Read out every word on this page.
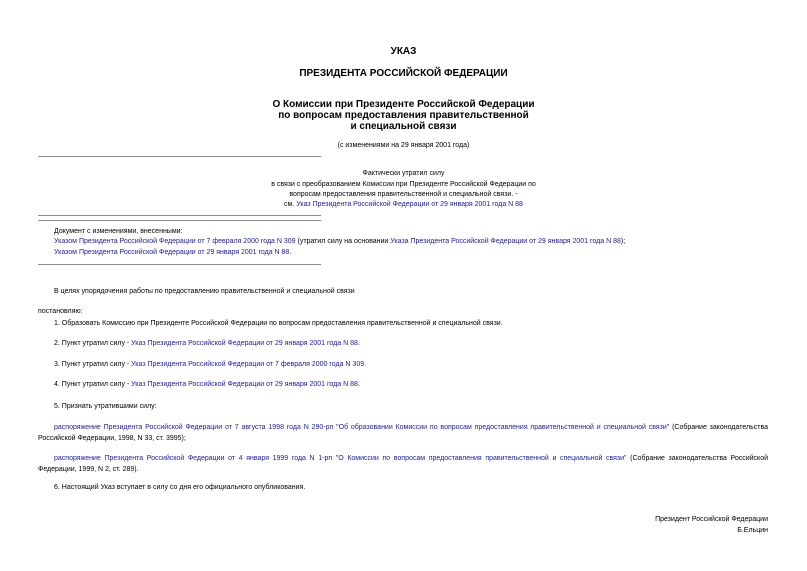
УКАЗ
ПРЕЗИДЕНТА РОССИЙСКОЙ ФЕДЕРАЦИИ
О Комиссии при Президенте Российской Федерации
по вопросам предоставления правительственной
и специальной связи
(с изменениями на 29 января 2001 года)
Фактически утратил силу
в связи с преобразованием Комиссии при Президенте Российской Федерации по
вопросам предоставления правительственной и специальной связи. -
см. Указ Президента Российской Федерации от 29 января 2001 года N 88
Документ с изменениями, внесенными:
Указом Президента Российской Федерации от 7 февраля 2000 года N 309 (утратил силу на основании Указа Президента Российской Федерации от 29 января 2001 года N 88);
Указом Президента Российской Федерации от 29 января 2001 года N 88.
В целях упорядочения работы по предоставлению правительственной и специальной связи
постановляю:
1. Образовать Комиссию при Президенте Российской Федерации по вопросам предоставления правительственной и специальной связи.
2. Пункт утратил силу - Указ Президента Российской Федерации от 29 января 2001 года N 88.
3. Пункт утратил силу - Указ Президента Российской Федерации от 7 февраля 2000 года N 309.
4. Пункт утратил силу - Указ Президента Российской Федерации от 29 января 2001 года N 88.
5. Признать утратившими силу:
распоряжение Президента Российской Федерации от 7 августа 1998 года N 290-рп "Об образовании Комиссии по вопросам предоставления правительственной и специальной связи" (Собрание законодательства Российской Федерации, 1998, N 33, ст. 3995);
распоряжение Президента Российской Федерации от 4 января 1999 года N 1-рп "О Комиссии по вопросам предоставления правительственной и специальной связи" (Собрание законодательства Российской Федерации, 1999, N 2, ст. 289).
6. Настоящий Указ вступает в силу со дня его официального опубликования.
Президент Российской Федерации
Б.Ельцин
